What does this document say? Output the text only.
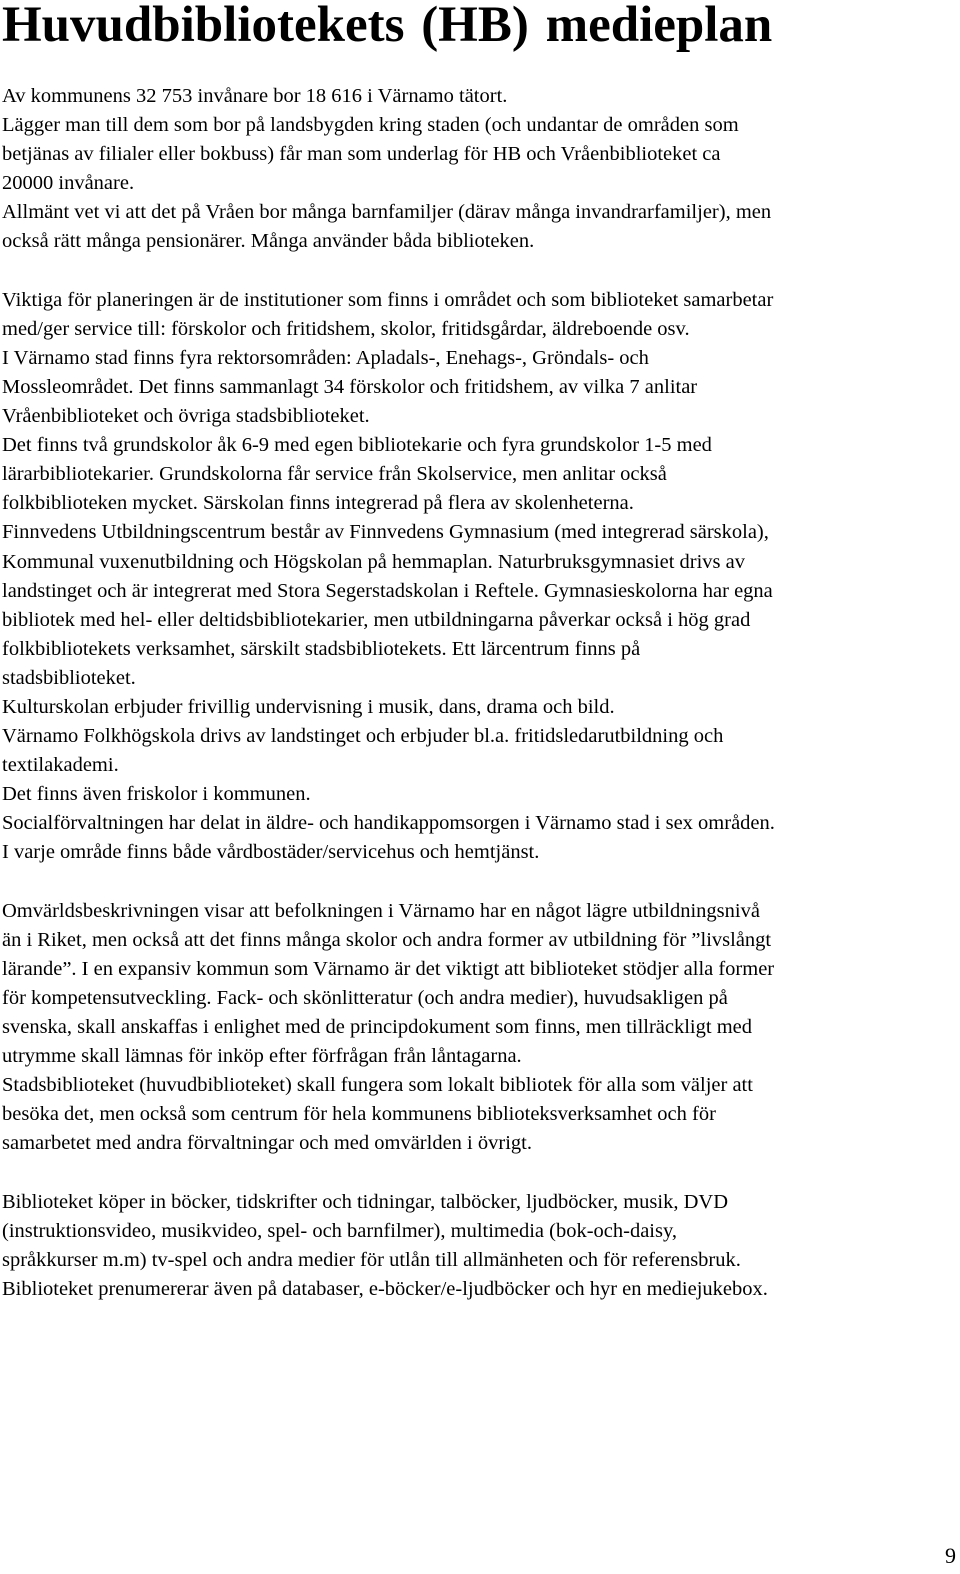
Huvudbibliotekets (HB) medieplan
Av kommunens 32 753 invånare bor 18 616 i Värnamo tätort.
Lägger man till dem som bor på landsbygden kring staden (och undantar de områden som
betjänas av filialer eller bokbuss) får man som underlag för HB och Vråenbiblioteket ca
20000 invånare.
Allmänt vet vi att det på Vråen bor många barnfamiljer (därav många invandrarfamiljer), men
också rätt många pensionärer. Många använder båda biblioteken.
Viktiga för planeringen är de institutioner som finns i området och som biblioteket samarbetar
med/ger service till: förskolor och fritidshem, skolor, fritidsgårdar, äldreboende osv.
I Värnamo stad finns fyra rektorsområden: Apladals-, Enehags-, Gröndals- och
Mossleområdet. Det finns sammanlagt 34 förskolor och fritidshem, av vilka 7 anlitar
Vråenbiblioteket och övriga stadsbiblioteket.
Det finns två grundskolor åk 6-9 med egen bibliotekarie och fyra grundskolor 1-5 med
lärarbibliotekarier. Grundskolorna får service från Skolservice, men anlitar också
folkbiblioteken mycket. Särskolan finns integrerad på flera av skolenheterna.
Finnvedens Utbildningscentrum består av Finnvedens Gymnasium (med integrerad särskola),
Kommunal vuxenutbildning och Högskolan på hemmaplan. Naturbruksgymnasiet drivs av
landstinget och är integrerat med Stora Segerstadskolan i Reftele. Gymnasieskolorna har egna
bibliotek med hel- eller deltidsbibliotekarier, men utbildningarna påverkar också i hög grad
folkbibliotekets verksamhet, särskilt stadsbibliotekets. Ett lärcentrum finns på
stadsbiblioteket.
Kulturskolan erbjuder frivillig undervisning i musik, dans, drama och bild.
Värnamo Folkhögskola drivs av landstinget och erbjuder bl.a. fritidsledarutbildning och
textilakademi.
Det finns även friskolor i kommunen.
Socialförvaltningen har delat in äldre- och handikappomsorgen i Värnamo stad i sex områden.
I varje område finns både vårdbostäder/servicehus och hemtjänst.
Omvärldsbeskrivningen visar att befolkningen i Värnamo har en något lägre utbildningsnivå
än i Riket, men också att det finns många skolor och andra former av utbildning för ”livslångt
lärande”. I en expansiv kommun som Värnamo är det viktigt att biblioteket stödjer alla former
för kompetensutveckling. Fack- och skönlitteratur (och andra medier), huvudsakligen på
svenska, skall anskaffas i enlighet med de principdokument som finns, men tillräckligt med
utrymme skall lämnas för inköp efter förfrågan från låntagarna.
Stadsbiblioteket (huvudbiblioteket) skall fungera som lokalt bibliotek för alla som väljer att
besöka det, men också som centrum för hela kommunens biblioteksverksamhet och för
samarbetet med andra förvaltningar och med omvärlden i övrigt.
Biblioteket köper in böcker, tidskrifter och tidningar, talböcker, ljudböcker, musik, DVD
(instruktionsvideo, musikvideo, spel- och barnfilmer), multimedia (bok-och-daisy,
språkkurser m.m) tv-spel och andra medier för utlån till allmänheten och för referensbruk.
Biblioteket prenumererar även på databaser, e-böcker/e-ljudböcker och hyr en mediejukebox.
9
